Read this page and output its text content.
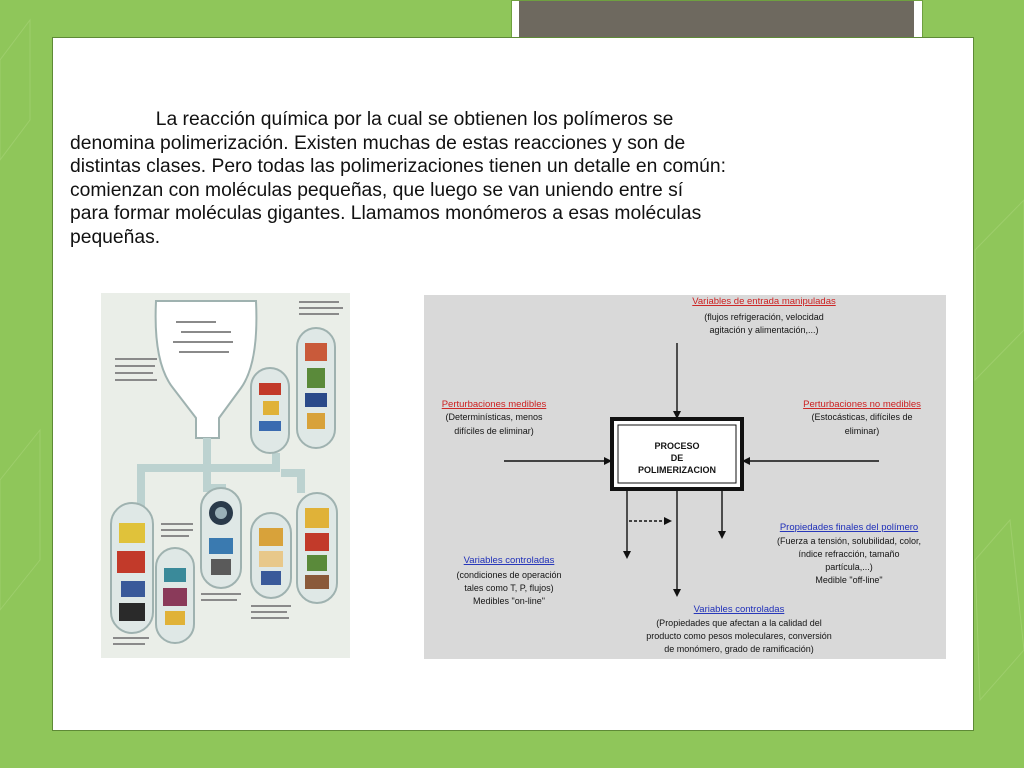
La reacción química por la cual se obtienen los polímeros se
denomina polimerización. Existen muchas de estas reacciones y son de
distintas clases. Pero todas las polimerizaciones tienen un detalle en común:
comienzan con moléculas pequeñas, que luego se van uniendo entre sí
para formar moléculas gigantes. Llamamos monómeros a esas moléculas
pequeñas.

PROCESO
DE
POLIMERIZACION
Variables de entrada manipuladas
(flujos refrigeración, velocidad
agitación y alimentación,...)
Perturbaciones medibles
(Determinísticas, menos
difíciles de eliminar)
Perturbaciones no medibles
(Estocásticas, difíciles de
eliminar)
Propiedades finales del polímero
(Fuerza a tensión, solubilidad, color,
índice refracción, tamaño
partícula,...)
Medible "off-line"
Variables controladas
(condiciones de operación
tales como T, P, flujos)
Medibles "on-line"
Variables controladas
(Propiedades que afectan a la calidad del
producto como pesos moleculares, conversión
de monómero, grado de ramificación)
